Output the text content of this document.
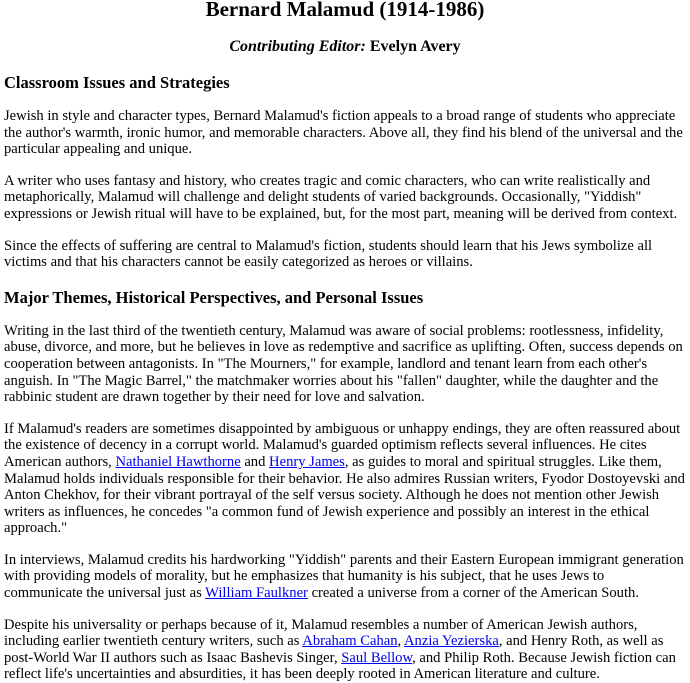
Bernard Malamud (1914-1986)
Contributing Editor: Evelyn Avery
Classroom Issues and Strategies

Jewish in style and character types, Bernard Malamud's fiction appeals to a broad range of students who appreciate the author's warmth, ironic humor, and memorable characters. Above all, they find his blend of the universal and the particular appealing and unique.

A writer who uses fantasy and history, who creates tragic and comic characters, who can write realistically and metaphorically, Malamud will challenge and delight students of varied backgrounds. Occasionally, "Yiddish" expressions or Jewish ritual will have to be explained, but, for the most part, meaning will be derived from context.

Since the effects of suffering are central to Malamud's fiction, students should learn that his Jews symbolize all victims and that his characters cannot be easily categorized as heroes or villains.

Major Themes, Historical Perspectives, and Personal Issues

Writing in the last third of the twentieth century, Malamud was aware of social problems: rootlessness, infidelity, abuse, divorce, and more, but he believes in love as redemptive and sacrifice as uplifting. Often, success depends on cooperation between antagonists. In "The Mourners," for example, landlord and tenant learn from each other's anguish. In "The Magic Barrel," the matchmaker worries about his "fallen" daughter, while the daughter and the rabbinic student are drawn together by their need for love and salvation.

If Malamud's readers are sometimes disappointed by ambiguous or unhappy endings, they are often reassured about the existence of decency in a corrupt world. Malamud's guarded optimism reflects several influences. He cites American authors, Nathaniel Hawthorne and Henry James, as guides to moral and spiritual struggles. Like them, Malamud holds individuals responsible for their behavior. He also admires Russian writers, Fyodor Dostoyevski and Anton Chekhov, for their vibrant portrayal of the self versus society. Although he does not mention other Jewish writers as influences, he concedes "a common fund of Jewish experience and possibly an interest in the ethical approach."

In interviews, Malamud credits his hardworking "Yiddish" parents and their Eastern European immigrant generation with providing models of morality, but he emphasizes that humanity is his subject, that he uses Jews to communicate the universal just as William Faulkner created a universe from a corner of the American South.

Despite his universality or perhaps because of it, Malamud resembles a number of American Jewish authors, including earlier twentieth century writers, such as Abraham Cahan, Anzia Yezierska, and Henry Roth, as well as post-World War II authors such as Isaac Bashevis Singer, Saul Bellow, and Philip Roth. Because Jewish fiction can reflect life's uncertainties and absurdities, it has been deeply rooted in American literature and culture.
